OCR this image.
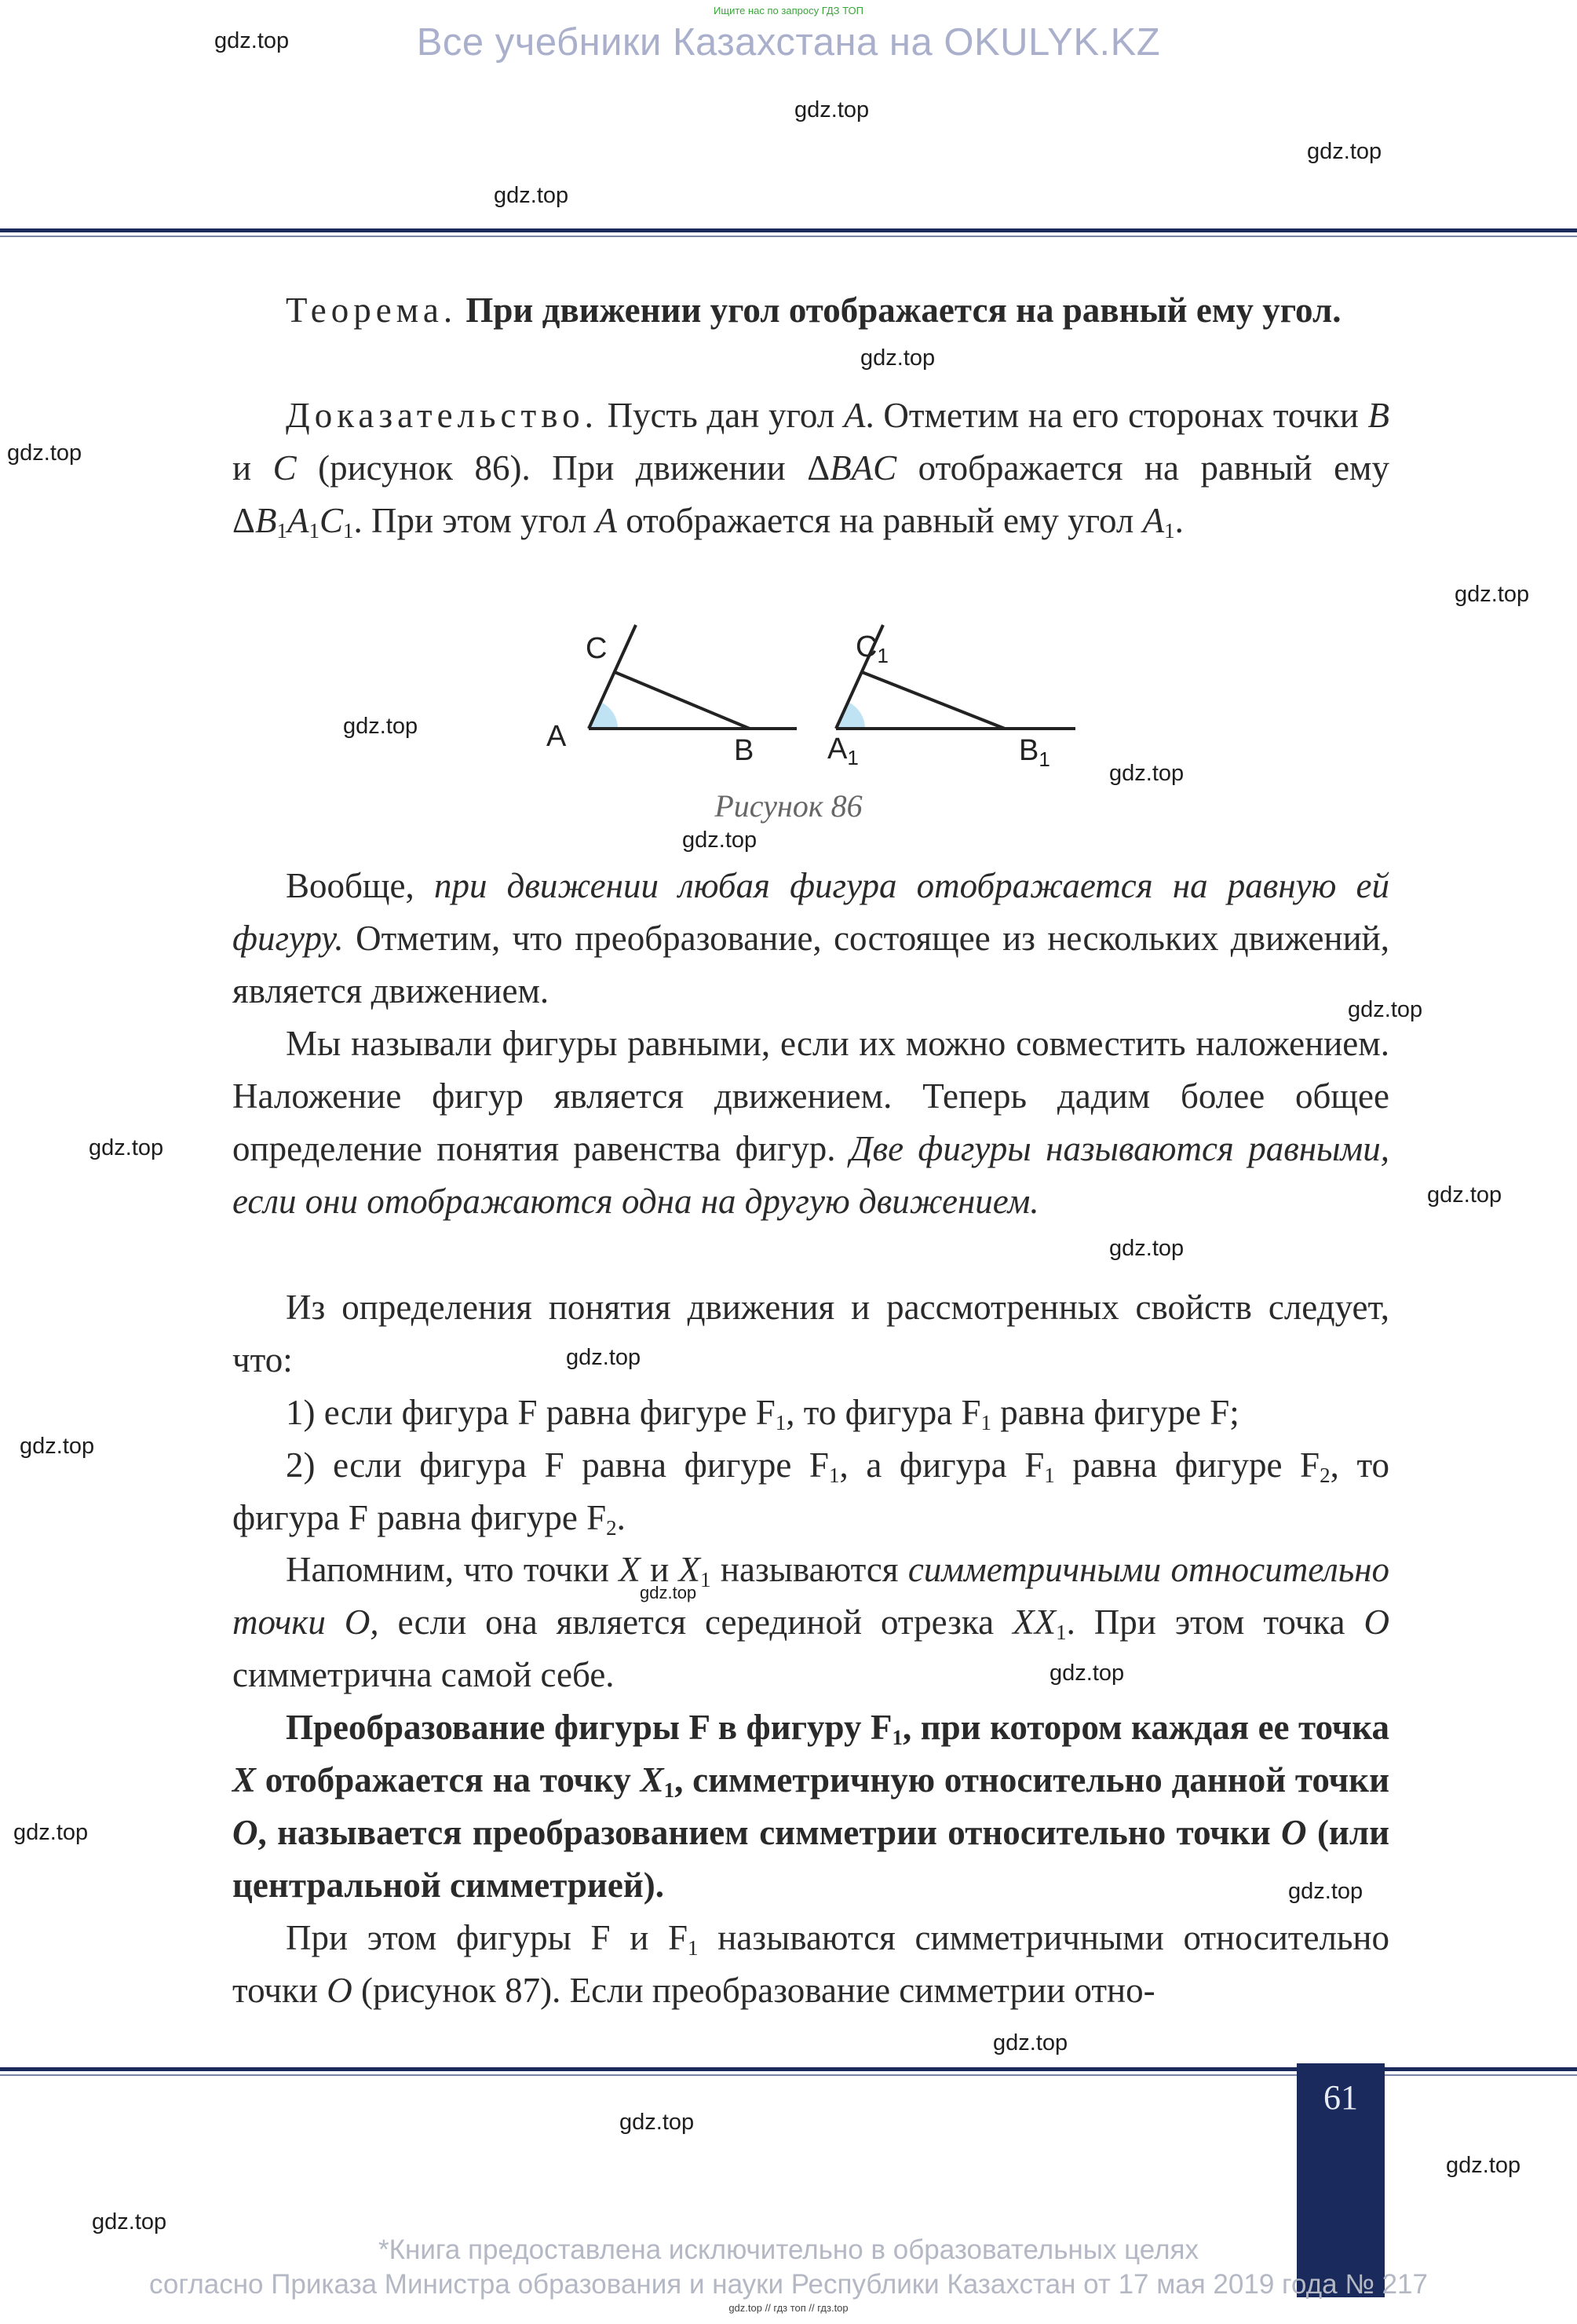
Ищите нас по запросу ГДЗ ТОП
Все учебники Казахстана на OKULYK.KZ

Теорема. При движении угол отображается на равный ему угол.

Доказательство. Пусть дан угол A. Отметим на его сторонах точки B и C (рисунок 86). При движении ΔBAC отображается на равный ему $\Delta B_1A_1C_1$. При этом угол A отображается на равный ему угол $A_1$.

C
A	B
$C_1$
$A_1$	$B_1$
Рисунок 86

Вообще, при движении любая фигура отображается на равную ей фигуру. Отметим, что преобразование, состоящее из нескольких движений, является движением.

Мы называли фигуры равными, если их можно совместить наложением. Наложение фигур является движением. Теперь дадим более общее определение понятия равенства фигур. Две фигуры называются равными, если они отображаются одна на другую движением.

Из определения понятия движения и рассмотренных свойств следует, что:

1) если фигура F равна фигуре $F_1$, то фигура $F_1$ равна фигуре F;

2) если фигура F равна фигуре $F_1$, а фигура $F_1$ равна фигуре $F_2$, то фигура F равна фигуре $F_2$.

Напомним, что точки X и $X_1$ называются симметричными относительно точки O, если она является серединой отрезка $XX_1$. При этом точка O симметрична самой себе.

Преобразование фигуры F в фигуру $F_1$, при котором каждая ее точка X отображается на точку $X_1$, симметричную относительно данной точки O, называется преобразованием симметрии относительно точки O (или центральной симметрией).

При этом фигуры F и $F_1$ называются симметричными относительно точки O (рисунок 87). Если преобразование симметрии отно-

61
*Книга предоставлена исключительно в образовательных целях
согласно Приказа Министра образования и науки Республики Казахстан от 17 мая 2019 года № 217
gdz.top // гдз топ // гдз.top
gdz.top
gdz.top
gdz.top
gdz.top
gdz.top
gdz.top
gdz.top
gdz.top
gdz.top
gdz.top
gdz.top
gdz.top
gdz.top
gdz.top
gdz.top
gdz.top
gdz.top
gdz.top
gdz.top
gdz.top
gdz.top
gdz.top
gdz.top
gdz.top
